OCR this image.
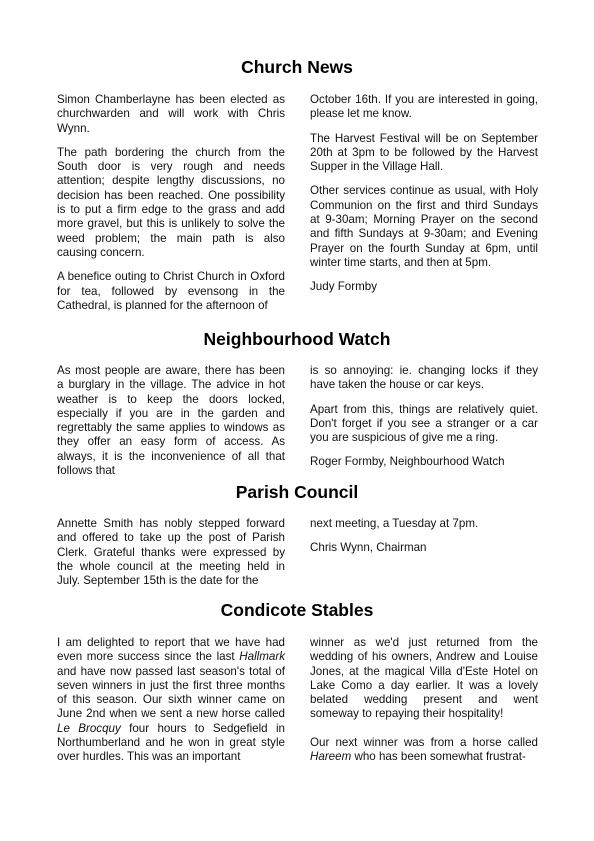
Church News

Simon Chamberlayne has been elected as churchwarden and will work with Chris Wynn.

The path bordering the church from the South door is very rough and needs attention; despite lengthy discussions, no decision has been reached. One possibility is to put a firm edge to the grass and add more gravel, but this is unlikely to solve the weed problem; the main path is also causing concern.

A benefice outing to Christ Church in Oxford for tea, followed by evensong in the Cathedral, is planned for the afternoon of

October 16th. If you are interested in going, please let me know.

The Harvest Festival will be on September 20th at 3pm to be followed by the Harvest Supper in the Village Hall.

Other services continue as usual, with Holy Communion on the first and third Sundays at 9-30am; Morning Prayer on the second and fifth Sundays at 9-30am; and Evening Prayer on the fourth Sunday at 6pm, until winter time starts, and then at 5pm.

Judy Formby

Neighbourhood Watch

As most people are aware, there has been a burglary in the village. The advice in hot weather is to keep the doors locked, especially if you are in the garden and regrettably the same applies to windows as they offer an easy form of access. As always, it is the inconvenience of all that follows that

is so annoying: ie. changing locks if they have taken the house or car keys.

Apart from this, things are relatively quiet. Don't forget if you see a stranger or a car you are suspicious of give me a ring.

Roger Formby, Neighbourhood Watch

Parish Council

Annette Smith has nobly stepped forward and offered to take up the post of Parish Clerk. Grateful thanks were expressed by the whole council at the meeting held in July. September 15th is the date for the

next meeting, a Tuesday at 7pm.

Chris Wynn, Chairman

Condicote Stables

I am delighted to report that we have had even more success since the last Hallmark and have now passed last season's total of seven winners in just the first three months of this season. Our sixth winner came on June 2nd when we sent a new horse called Le Brocquy four hours to Sedgefield in Northumberland and he won in great style over hurdles. This was an important

winner as we'd just returned from the wedding of his owners, Andrew and Louise Jones, at the magical Villa d'Este Hotel on Lake Como a day earlier. It was a lovely belated wedding present and went someway to repaying their hospitality!

Our next winner was from a horse called Hareem who has been somewhat frustrat-
